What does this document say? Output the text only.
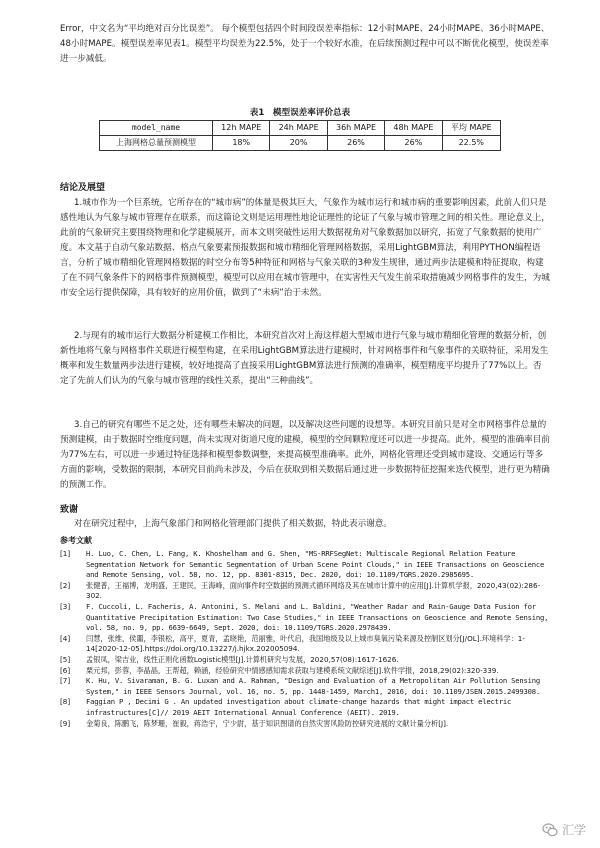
Error，中文名为“平均绝对百分比误差”。 每个模型包括四个时间段误差率指标：12小时MAPE、24小时MAPE、36小时MAPE、48小时MAPE。模型误差率见表1。模型平均误差为22.5%，处于一个较好水准，在后续预测过程中可以不断优化模型，使误差率进一步减低。

表1　模型误差率评价总表
model_name	12h MAPE	24h MAPE	36h MAPE	48h MAPE	平均 MAPE
上海网格总量预测模型	18%	20%	26%	26%	22.5%
结论及展望

1.城市作为一个巨系统，它所存在的“城市病”的体量是极其巨大，气象作为城市运行和城市病的重要影响因素，此前人们只是感性地认为气象与城市管理存在联系，而这篇论文则是运用理性地论证理性的论证了气象与城市管理之间的相关性。理论意义上，此前的气象研究主要围绕物理和化学建模展开，而本文则突破性运用大数据视角对气象数据加以研究，拓宽了气象数据的使用广度。本文基于自动气象站数据、格点气象要素预报数据和城市精细化管理网格数据，采用LightGBM算法，利用PYTHON编程语言，分析了城市精细化管理网格数据的时空分布等5种特征和网格与气象关联的3种发生规律，通过两步法建模和特征提取，构建了在不同气象条件下的网格事件预测模型，模型可以应用在城市管理中，在实害性天气发生前采取措施减少网格事件的发生，为城市安全运行提供保障，具有较好的应用价值，做到了“未病”治于未然。

2.与现有的城市运行大数据分析建模工作相比，本研究首次对上海这样超大型城市进行气象与城市精细化管理的数据分析，创新性地将气象与网格事件关联进行模型构建，在采用LightGBM算法进行建模时，针对网格事件和气象事件的关联特征，采用发生概率和发生数量两步法进行建模，较好地提高了直接采用LightGBM算法进行预测的准确率，模型精度平均提升了77%以上。否定了先前人们认为的气象与城市管理的线性关系，提出“三种曲线”。

3.自己的研究有哪些不足之处，还有哪些未解决的问题，以及解决这些问题的设想等。本研究目前只是对全市网格事件总量的预测建模，由于数据时空维度问题，尚未实现对街道尺度的建模，模型的空间颗粒度还可以进一步提高。此外，模型的准确率目前为77%左右，可以进一步通过特征选择和模型参数调整，来提高模型准确率。此外，网格化管理还受到城市建设、交通运行等多方面的影响，受数据的限制，本研究目前尚未涉及，今后在获取到相关数据后通过进一步数据特征挖掘来迭代模型，进行更为精确的预测工作。

致谢

对在研究过程中，上海气象部门和网格化管理部门提供了相关数据，特此表示谢意。

参考文献
[1]	H. Luo, C. Chen, L. Fang, K. Khoshelham and G. Shen, "MS-RRFSegNet: Multiscale Regional Relation Feature Segmentation Network for Semantic Segmentation of Urban Scene Point Clouds," in IEEE Transactions on Geoscience and Remote Sensing, vol. 58, no. 12, pp. 8301-8315, Dec. 2020, doi: 10.1109/TGRS.2020.2985695.
[2]	张健普，王福博，龙明盛，王建民，王海峰，面向事件时空数据的预测式循环网络及其在城市计算中的应用[J].计算机学报，2020,43(02):286-302.
[3]	F. Cuccoli, L. Facheris, A. Antonini, S. Melani and L. Baldini, "Weather Radar and Rain-Gauge Data Fusion for Quantitative Precipitation Estimation: Two Case Studies," in IEEE Transactions on Geoscience and Remote Sensing, vol. 58, no. 9, pp. 6639-6649, Sept. 2020, doi: 10.1109/TGRS.2020.2978439.
[4]	闫慧，张维，侯噩，李银松，高平，夏青，孟晓艳，范丽雅，叶代启，我国地级及以上城市臭氧污染来源及控制区划分[J/OL].环境科学：1-14[2020-12-05].https://doi.org/10.13227/j.hjkx.202005094.
[5]	孟银凤，梁吉业，线性正则化函数Logistic模型[J].计算机研究与发展，2020,57(08):1617-1626.
[6]	栗元邦，彭蓉，李晶晶，王帮超，赖涵，经验研究中情感感知需求获取与建模系统文献综述[J].软件学报，2018,29(02):320-339.
[7]	K. Hu, V. Sivaraman, B. G. Luxan and A. Rahman, "Design and Evaluation of a Metropolitan Air Pollution Sensing System," in IEEE Sensors Journal, vol. 16, no. 5, pp. 1448-1459, March1, 2016, doi: 10.1109/JSEN.2015.2499308.
[8]	Faggian P , Decimi G . An updated investigation about climate-change hazards that might impact electric infrastructures[C]// 2019 AEIT International Annual Conference (AEIT). 2019.
[9]	金菊良，陈鹏飞，陈梦珊，崔毅，蒋浩宇，宁少尉，基于知识图谱的自然灾害风险防控研究进展的文献计量分析[J].
汇学
